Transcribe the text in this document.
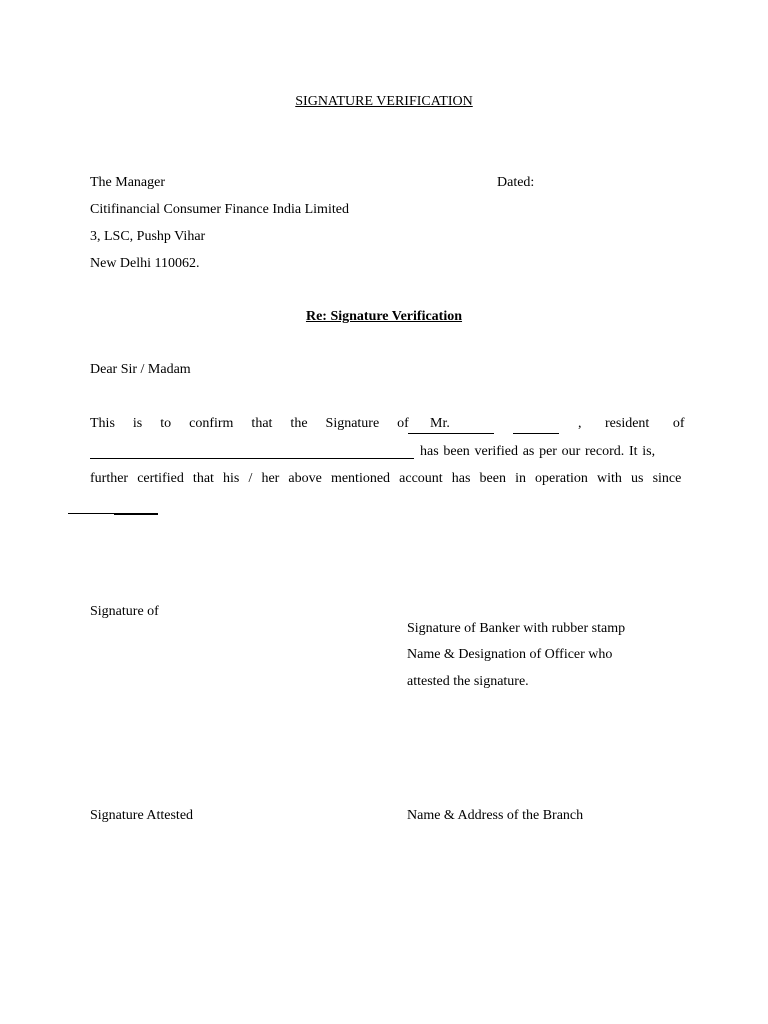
SIGNATURE VERIFICATION
The Manager	Dated:
Citifinancial Consumer Finance India Limited
3, LSC, Pushp Vihar
New Delhi 110062.
Re: Signature Verification
Dear Sir / Madam
This is to confirm that the Signature of Mr.	, resident of
has been verified as per our record. It is,
further certified that his / her above mentioned account has been in operation with us since
Signature of
Signature of Banker with rubber stamp
Name & Designation of Officer who
attested the signature.
Signature Attested	Name & Address of the Branch
